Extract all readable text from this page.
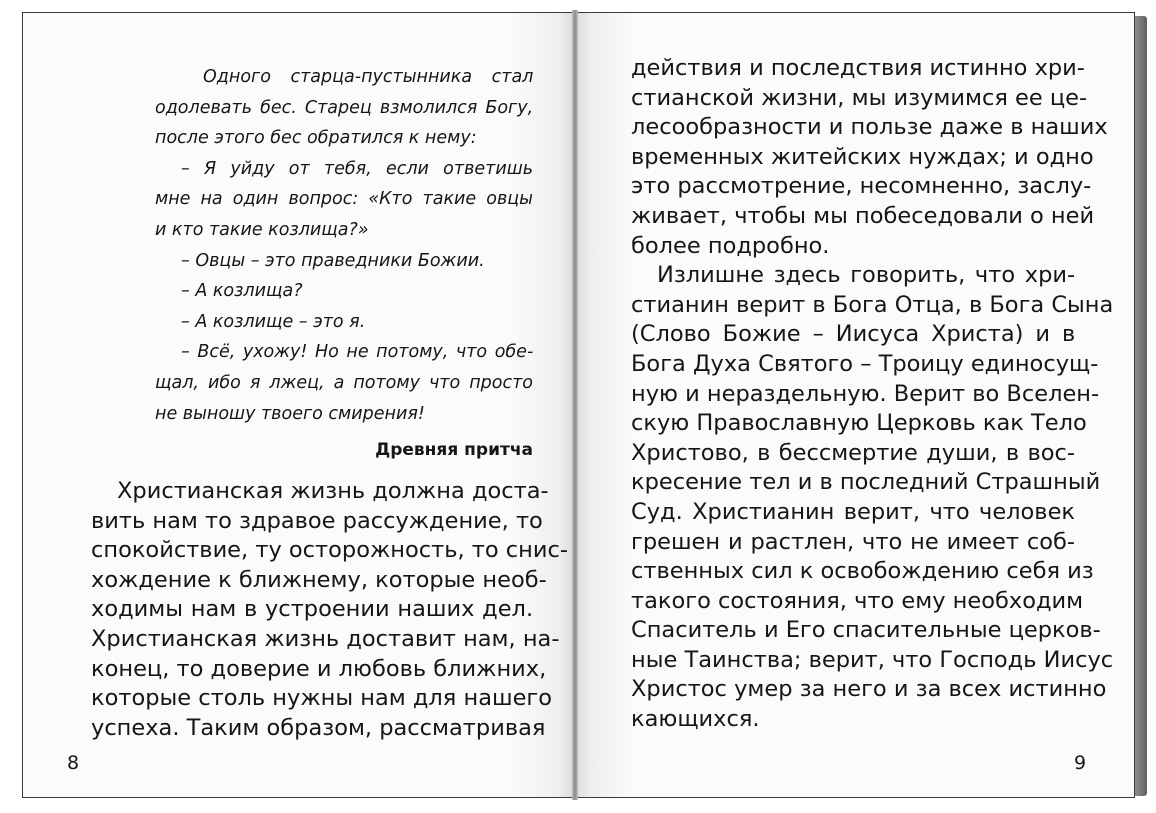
Одного старца-пустынника стал
одолевать бес. Старец взмолился Богу,
после этого бес обратился к нему:
– Я уйду от тебя, если ответишь
мне на один вопрос: «Кто такие овцы
и кто такие козлища?»
– Овцы – это праведники Божии.
– А козлища?
– А козлище – это я.
– Всё, ухожу! Но не потому, что обе-
щал, ибо я лжец, а потому что просто
не выношу твоего смирения!
Древняя притча
Христианская жизнь должна доста-
вить нам то здравое рассуждение, то
спокойствие, ту осторожность, то снис-
хождение к ближнему, которые необ-
ходимы нам в устроении наших дел.
Христианская жизнь доставит нам, на-
конец, то доверие и любовь ближних,
которые столь нужны нам для нашего
успеха. Таким образом, рассматривая
8
действия и последствия истинно хри-
стианской жизни, мы изумимся ее це-
лесообразности и пользе даже в наших
временных житейских нуждах; и одно
это рассмотрение, несомненно, заслу-
живает, чтобы мы побеседовали о ней
более подробно.
Излишне здесь говорить, что хри-
стианин верит в Бога Отца, в Бога Сына
(Слово Божие – Иисуса Христа) и в
Бога Духа Святого – Троицу единосущ-
ную и нераздельную. Верит во Вселен-
скую Православную Церковь как Тело
Христово, в бессмертие души, в вос-
кресение тел и в последний Страшный
Суд. Христианин верит, что человек
грешен и растлен, что не имеет соб-
ственных сил к освобождению себя из
такого состояния, что ему необходим
Спаситель и Его спасительные церков-
ные Таинства; верит, что Господь Иисус
Христос умер за него и за всех истинно
кающихся.
9
